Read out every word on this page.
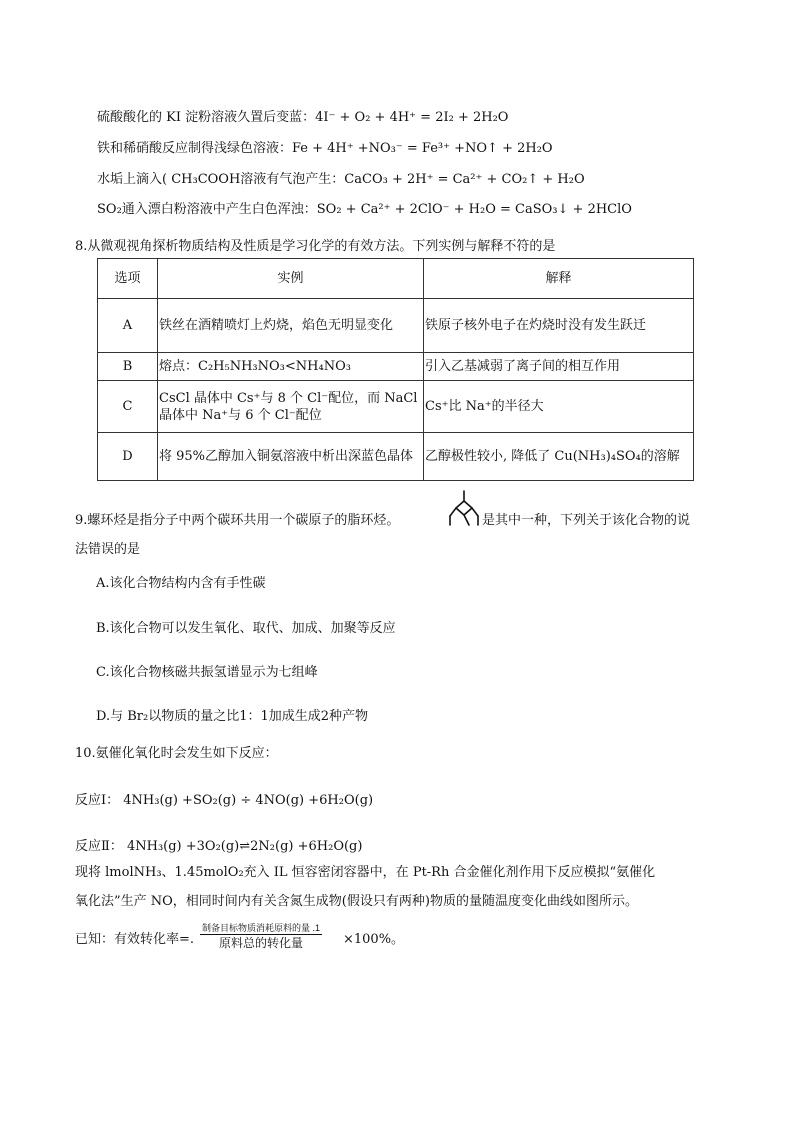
硫酸酸化的 KI 淀粉溶液久置后变蓝：4I⁻ + O₂ + 4H⁺ = 2I₂ + 2H₂O
铁和稀硝酸反应制得浅绿色溶液：Fe + 4H⁺ +NO₃⁻ = Fe³⁺ +NO↑ + 2H₂O
水垢上滴入( CH₃COOH溶液有气泡产生：CaCO₃ + 2H⁺ = Ca²⁺ + CO₂↑ + H₂O
SO₂通入漂白粉溶液中产生白色浑浊：SO₂ + Ca²⁺ + 2ClO⁻ + H₂O = CaSO₃↓ + 2HClO
8.从微观视角探析物质结构及性质是学习化学的有效方法。下列实例与解释不符的是
选项	实例	解释
A	铁丝在酒精喷灯上灼烧，焰色无明显变化	铁原子核外电子在灼烧时没有发生跃迁
B	熔点：C₂H₅NH₃NO₃<NH₄NO₃	引入乙基减弱了离子间的相互作用
C	CsCl 晶体中 Cs⁺与 8 个 Cl⁻配位，而 NaCl 晶体中 Na⁺与 6 个 Cl⁻配位	Cs⁺比 Na⁺的半径大
D	将 95%乙醇加入铜氨溶液中析出深蓝色晶体	乙醇极性较小, 降低了 Cu(NH₃)₄SO₄的溶解
9.螺环烃是指分子中两个碳环共用一个碳原子的脂环烃。	是其中一种，下列关于该化合物的说
法错误的是
A.该化合物结构内含有手性碳
B.该化合物可以发生氧化、取代、加成、加聚等反应
C.该化合物核磁共振氢谱显示为七组峰
D.与 Br₂以物质的量之比1：1加成生成2种产物
10.氨催化氧化时会发生如下反应：
反应Ⅰ： 4NH₃(g) +SO₂(g) ÷ 4NO(g) +6H₂O(g)
反应Ⅱ： 4NH₃(g) +3O₂(g)⇌2N₂(g) +6H₂O(g)
现将 lmolNH₃、1.45molO₂充入 IL 恒容密闭容器中，在 Pt-Rh 合金催化剂作用下反应模拟“氨催化
氧化法”生产 NO，相同时间内有关含氮生成物(假设只有两种)物质的量随温度变化曲线如图所示。
已知：有效转化率=.
制备目标物质消耗原料的量 .1
原料总的转化量	×100%。
